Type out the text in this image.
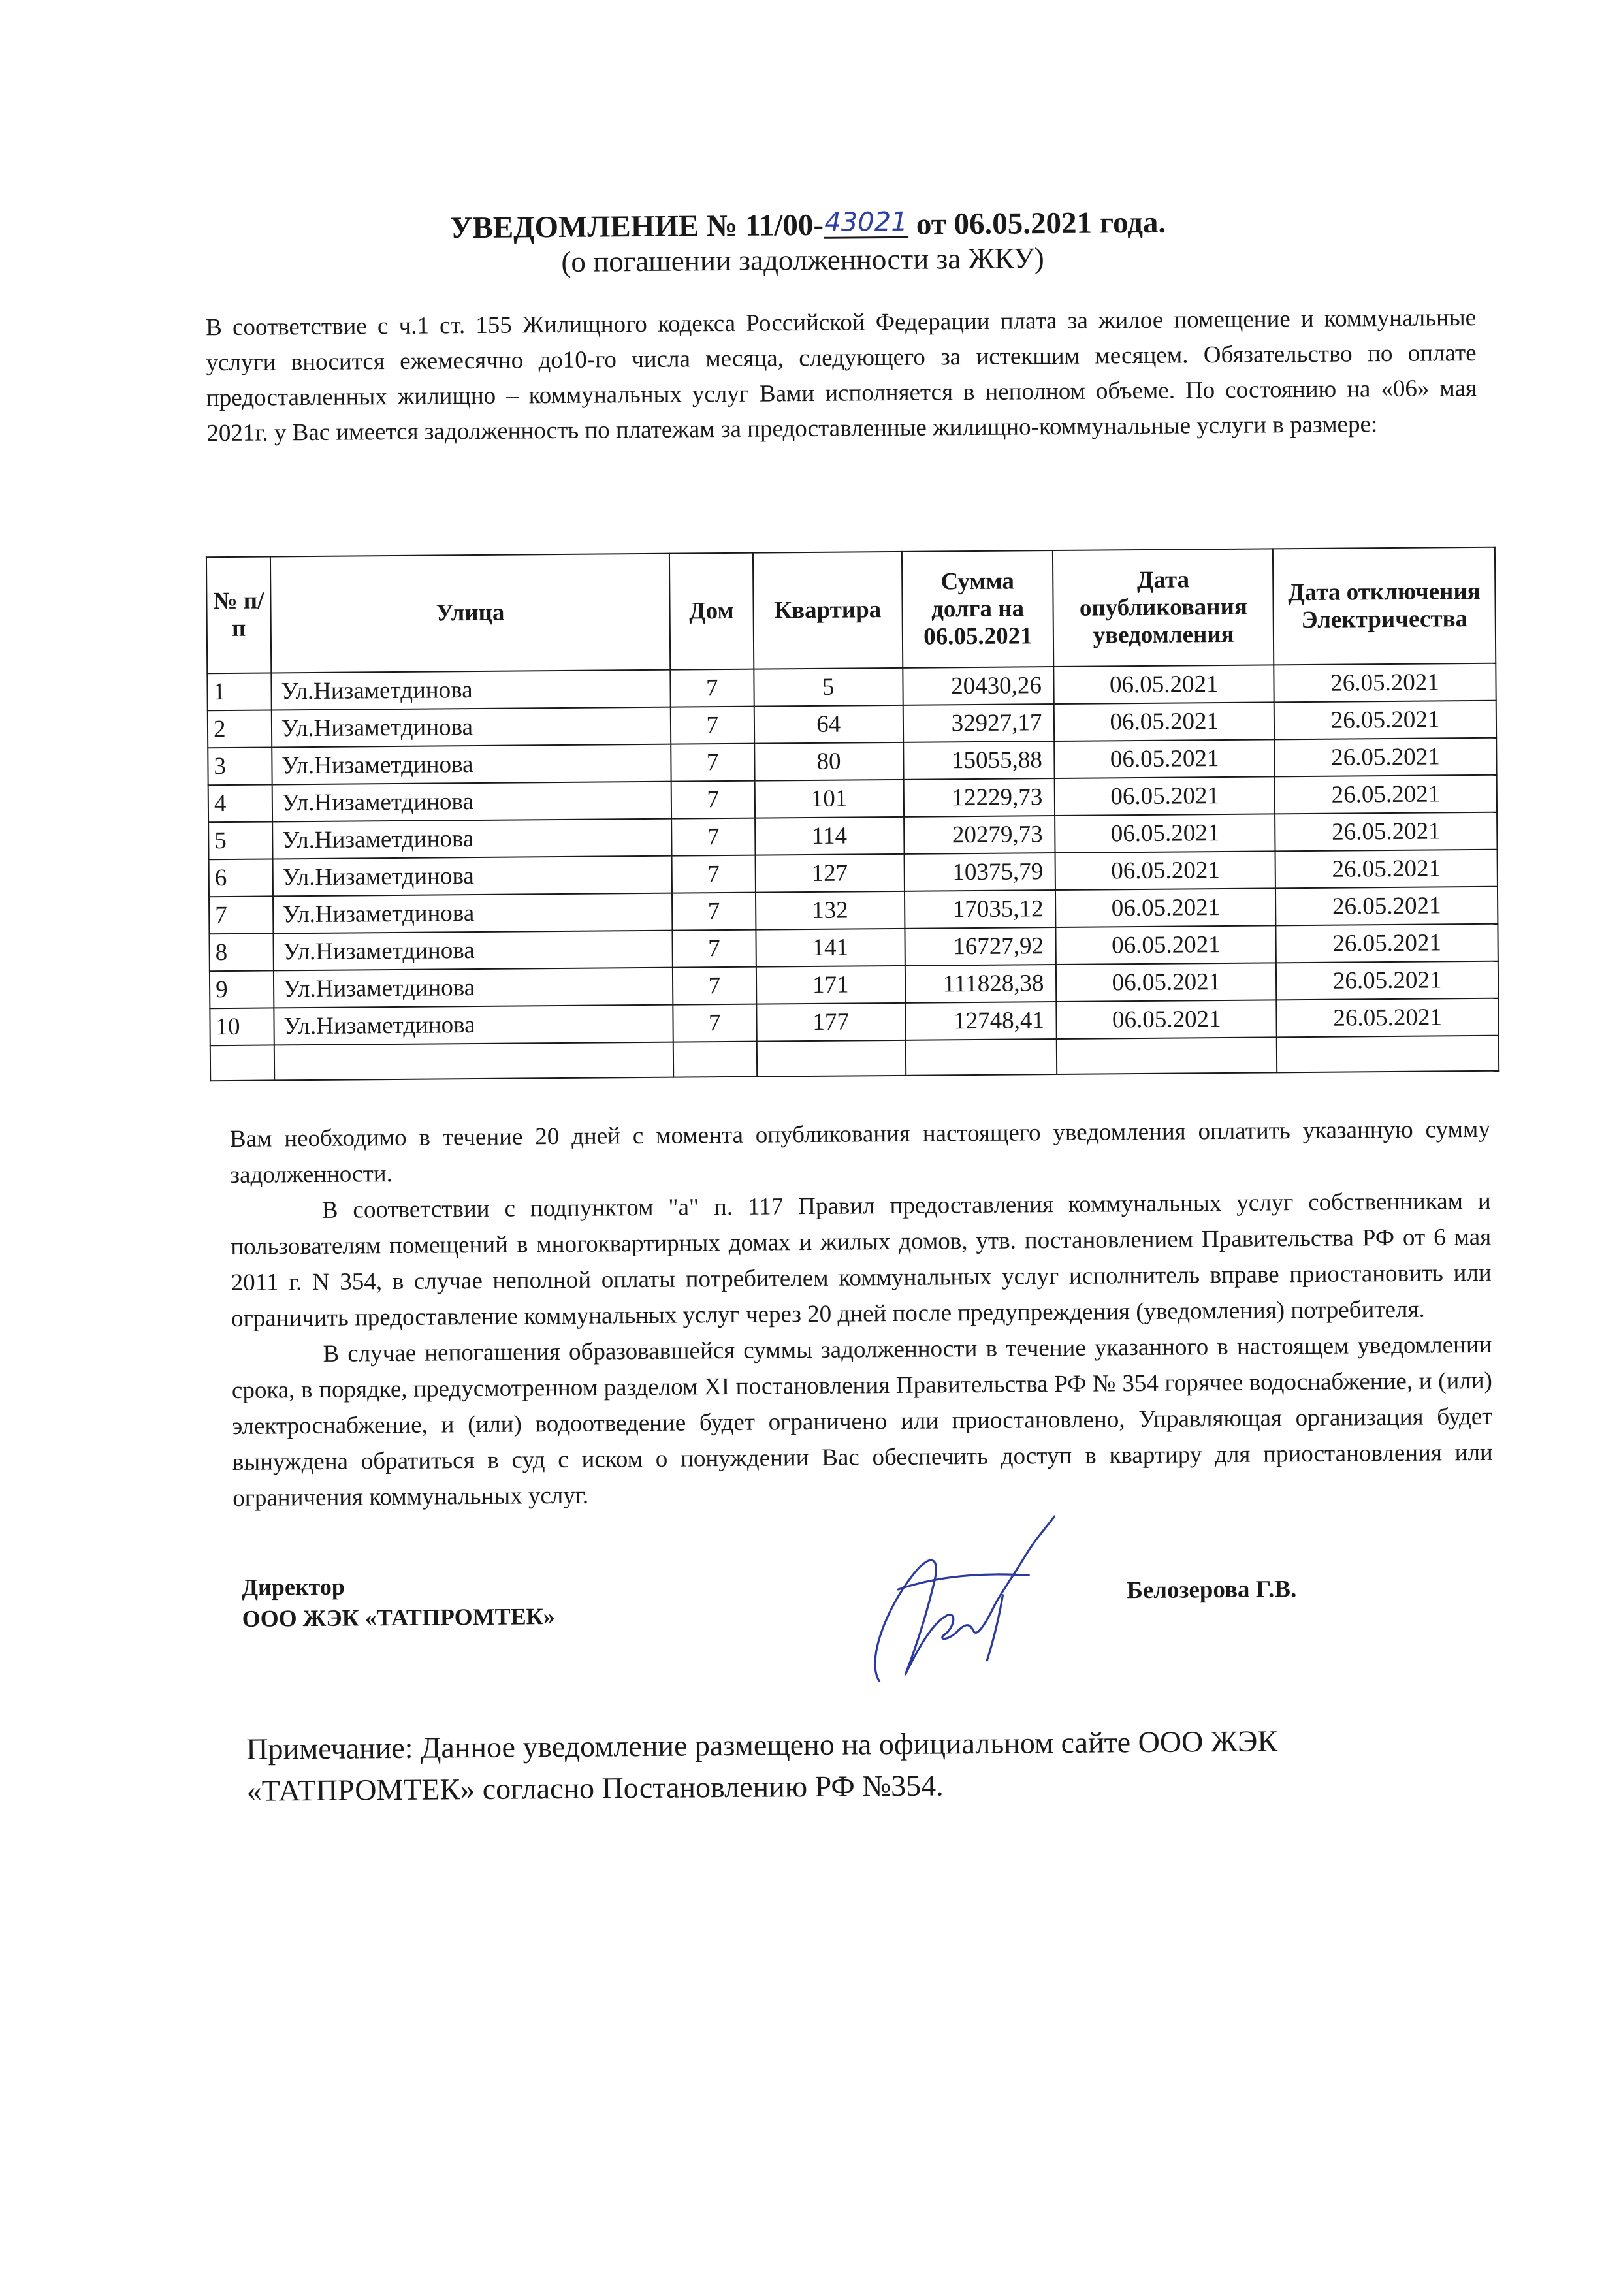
УВЕДОМЛЕНИЕ № 11/00-43021 от 06.05.2021 года.
(о погашении задолженности за ЖКУ)
В соответствие с ч.1 ст. 155 Жилищного кодекса Российской Федерации плата за жилое помещение и коммунальные услуги вносится ежемесячно до10-го числа месяца, следующего за истекшим месяцем. Обязательство по оплате предоставленных жилищно – коммунальных услуг Вами исполняется в неполном объеме. По состоянию на «06» мая 2021г. у Вас имеется задолженность по платежам за предоставленные жилищно-коммунальные услуги в размере:
№ п/п	Улица	Дом	Квартира	Сумма долга на 06.05.2021	Дата опубликования уведомления	Дата отключения Электричества
1	Ул.Низаметдинова	7	5	20430,26	06.05.2021	26.05.2021
2	Ул.Низаметдинова	7	64	32927,17	06.05.2021	26.05.2021
3	Ул.Низаметдинова	7	80	15055,88	06.05.2021	26.05.2021
4	Ул.Низаметдинова	7	101	12229,73	06.05.2021	26.05.2021
5	Ул.Низаметдинова	7	114	20279,73	06.05.2021	26.05.2021
6	Ул.Низаметдинова	7	127	10375,79	06.05.2021	26.05.2021
7	Ул.Низаметдинова	7	132	17035,12	06.05.2021	26.05.2021
8	Ул.Низаметдинова	7	141	16727,92	06.05.2021	26.05.2021
9	Ул.Низаметдинова	7	171	111828,38	06.05.2021	26.05.2021
10	Ул.Низаметдинова	7	177	12748,41	06.05.2021	26.05.2021

Вам необходимо в течение 20 дней с момента опубликования настоящего уведомления оплатить указанную сумму задолженности.

В соответствии с подпунктом "а" п. 117 Правил предоставления коммунальных услуг собственникам и пользователям помещений в многоквартирных домах и жилых домов, утв. постановлением Правительства РФ от 6 мая 2011 г. N 354, в случае неполной оплаты потребителем коммунальных услуг исполнитель вправе приостановить или ограничить предоставление коммунальных услуг через 20 дней после предупреждения (уведомления) потребителя.

В случае непогашения образовавшейся суммы задолженности в течение указанного в настоящем уведомлении срока, в порядке, предусмотренном разделом XI постановления Правительства РФ № 354 горячее водоснабжение, и (или) электроснабжение, и (или) водоотведение будет ограничено или приостановлено, Управляющая организация будет вынуждена обратиться в суд с иском о понуждении Вас обеспечить доступ в квартиру для приостановления или ограничения коммунальных услуг.

Директор
ООО ЖЭК «ТАТПРОМТЕК»
Белозерова Г.В.
Примечание: Данное уведомление размещено на официальном сайте ООО ЖЭК «ТАТПРОМТЕК» согласно Постановлению РФ №354.
